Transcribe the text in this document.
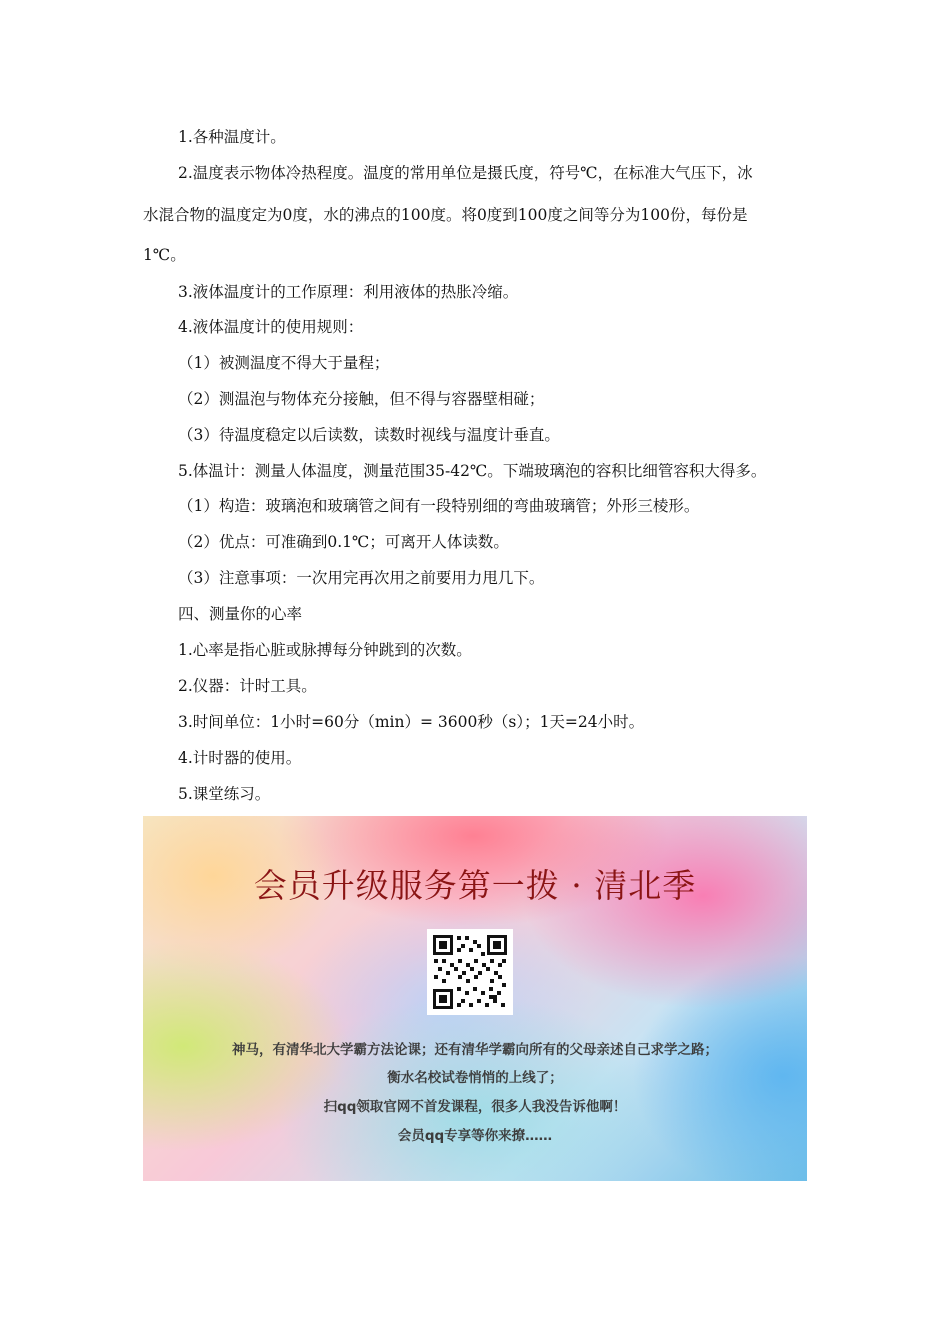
1.各种温度计。
2.温度表示物体冷热程度。温度的常用单位是摄氏度，符号℃，在标准大气压下，冰
水混合物的温度定为0度，水的沸点的100度。将0度到100度之间等分为100份，每份是
1℃。
3.液体温度计的工作原理：利用液体的热胀冷缩。
4.液体温度计的使用规则：
（1）被测温度不得大于量程；
（2）测温泡与物体充分接触，但不得与容器壁相碰；
（3）待温度稳定以后读数，读数时视线与温度计垂直。
5.体温计：测量人体温度，测量范围35-42℃。下端玻璃泡的容积比细管容积大得多。
（1）构造：玻璃泡和玻璃管之间有一段特别细的弯曲玻璃管；外形三棱形。
（2）优点：可准确到0.1℃；可离开人体读数。
（3）注意事项：一次用完再次用之前要用力甩几下。
四、测量你的心率
1.心率是指心脏或脉搏每分钟跳到的次数。
2.仪器：计时工具。
3.时间单位：1小时=60分（min）= 3600秒（s）；1天=24小时。
4.计时器的使用。
5.课堂练习。
会员升级服务第一拨 · 清北季
神马，有清华北大学霸方法论课；还有清华学霸向所有的父母亲述自己求学之路；
衡水名校试卷悄悄的上线了；
扫qq领取官网不首发课程，很多人我没告诉他啊！
会员qq专享等你来撩……
